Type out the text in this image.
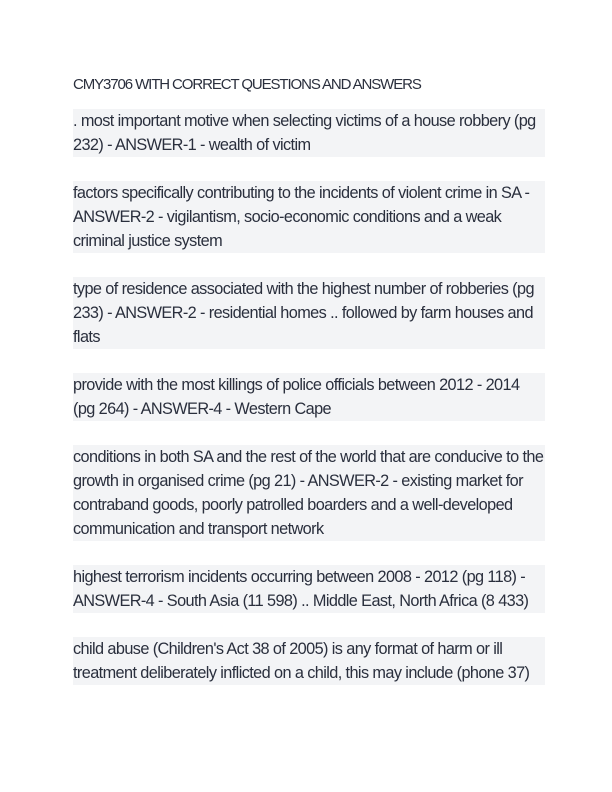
CMY3706 WITH CORRECT QUESTIONS AND ANSWERS

. most important motive when selecting victims of a house robbery (pg 232) - ANSWER-1 - wealth of victim

factors specifically contributing to the incidents of violent crime in SA - ANSWER-2 - vigilantism, socio-economic conditions and a weak criminal justice system

type of residence associated with the highest number of robberies (pg 233) - ANSWER-2 - residential homes .. followed by farm houses and flats

provide with the most killings of police officials between 2012 - 2014 (pg 264) - ANSWER-4 - Western Cape

conditions in both SA and the rest of the world that are conducive to the growth in organised crime (pg 21) - ANSWER-2 - existing market for contraband goods, poorly patrolled boarders and a well-developed communication and transport network

highest terrorism incidents occurring between 2008 - 2012 (pg 118) - ANSWER-4 - South Asia (11 598) .. Middle East, North Africa (8 433)

child abuse (Children's Act 38 of 2005) is any format of harm or ill treatment deliberately inflicted on a child, this may include (phone 37)
